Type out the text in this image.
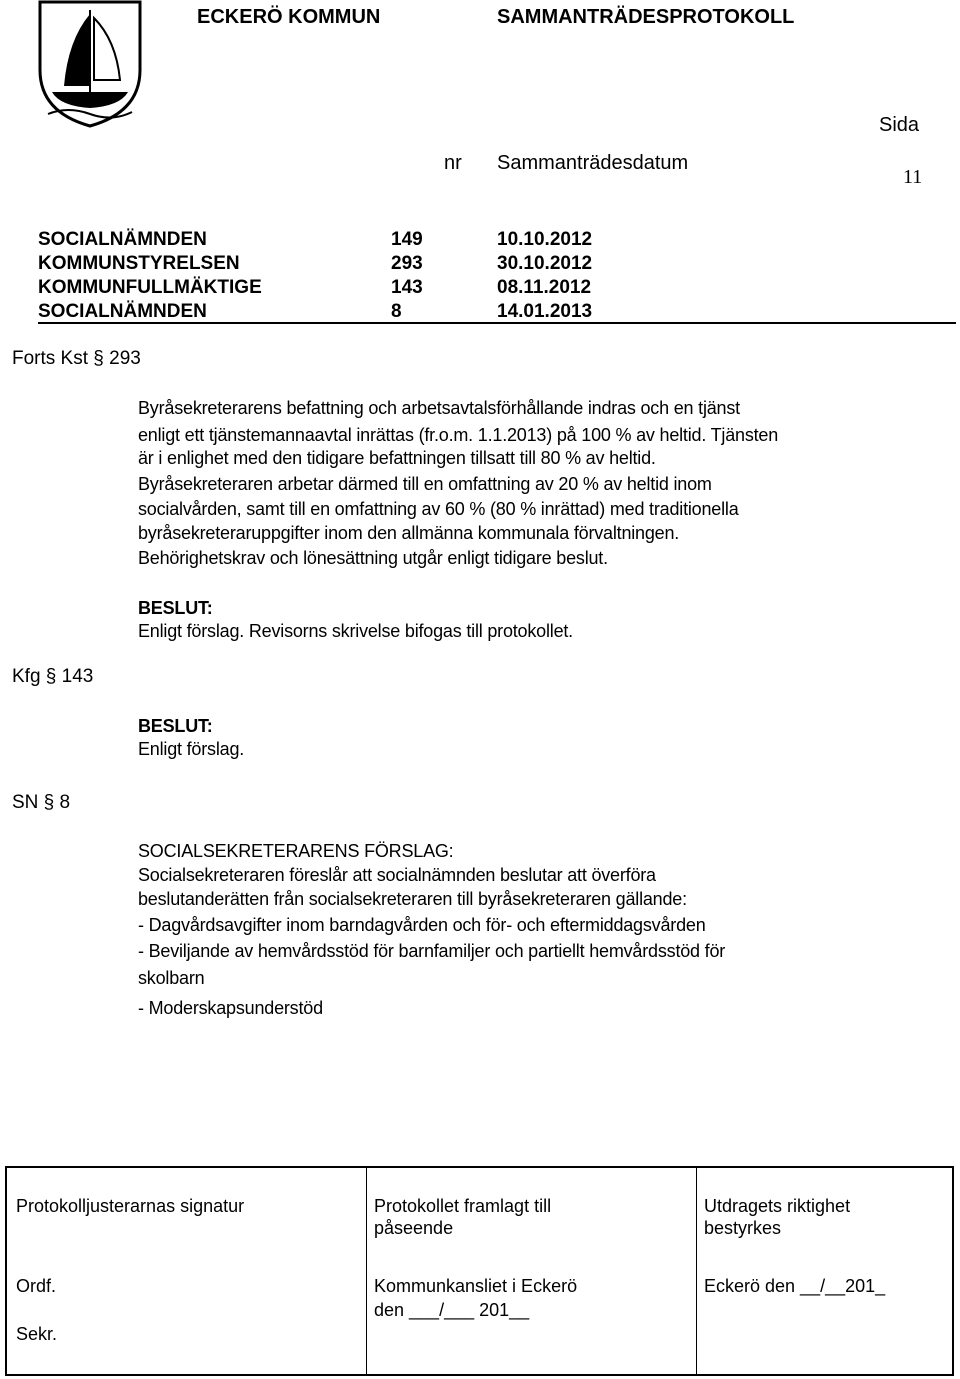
ECKERÖ KOMMUN	SAMMANTRÄDESPROTOKOLL
Sida
11
nr Sammanträdesdatum
SOCIALNÄMNDEN	149	10.10.2012
KOMMUNSTYRELSEN	293	30.10.2012
KOMMUNFULLMÄKTIGE	143	08.11.2012
SOCIALNÄMNDEN	8	14.01.2013
Forts Kst § 293
Kfg § 143
SN § 8
Byråsekreterarens befattning och arbetsavtalsförhållande indras och en tjänst
enligt ett tjänstemannaavtal inrättas (fr.o.m. 1.1.2013) på 100 % av heltid. Tjänsten
är i enlighet med den tidigare befattningen tillsatt till 80 % av heltid.
Byråsekreteraren arbetar därmed till en omfattning av 20 % av heltid inom
socialvården, samt till en omfattning av 60 % (80 % inrättad) med traditionella
byråsekreteraruppgifter inom den allmänna kommunala förvaltningen.
Behörighetskrav och lönesättning utgår enligt tidigare beslut.
BESLUT:
Enligt förslag. Revisorns skrivelse bifogas till protokollet.
BESLUT:
Enligt förslag.
SOCIALSEKRETERARENS FÖRSLAG:
Socialsekreteraren föreslår att socialnämnden beslutar att överföra
beslutanderätten från socialsekreteraren till byråsekreteraren gällande:
- Dagvårdsavgifter inom barndagvården och för- och eftermiddagsvården
- Beviljande av hemvårdsstöd för barnfamiljer och partiellt hemvårdsstöd för
skolbarn
- Moderskapsunderstöd
Protokolljusterarnas signatur
Ordf.
Sekr.
Protokollet framlagt till
påseende
Kommunkansliet i Eckerö
den ___/___ 201__
Utdragets riktighet
bestyrkes
Eckerö den __/__201_
